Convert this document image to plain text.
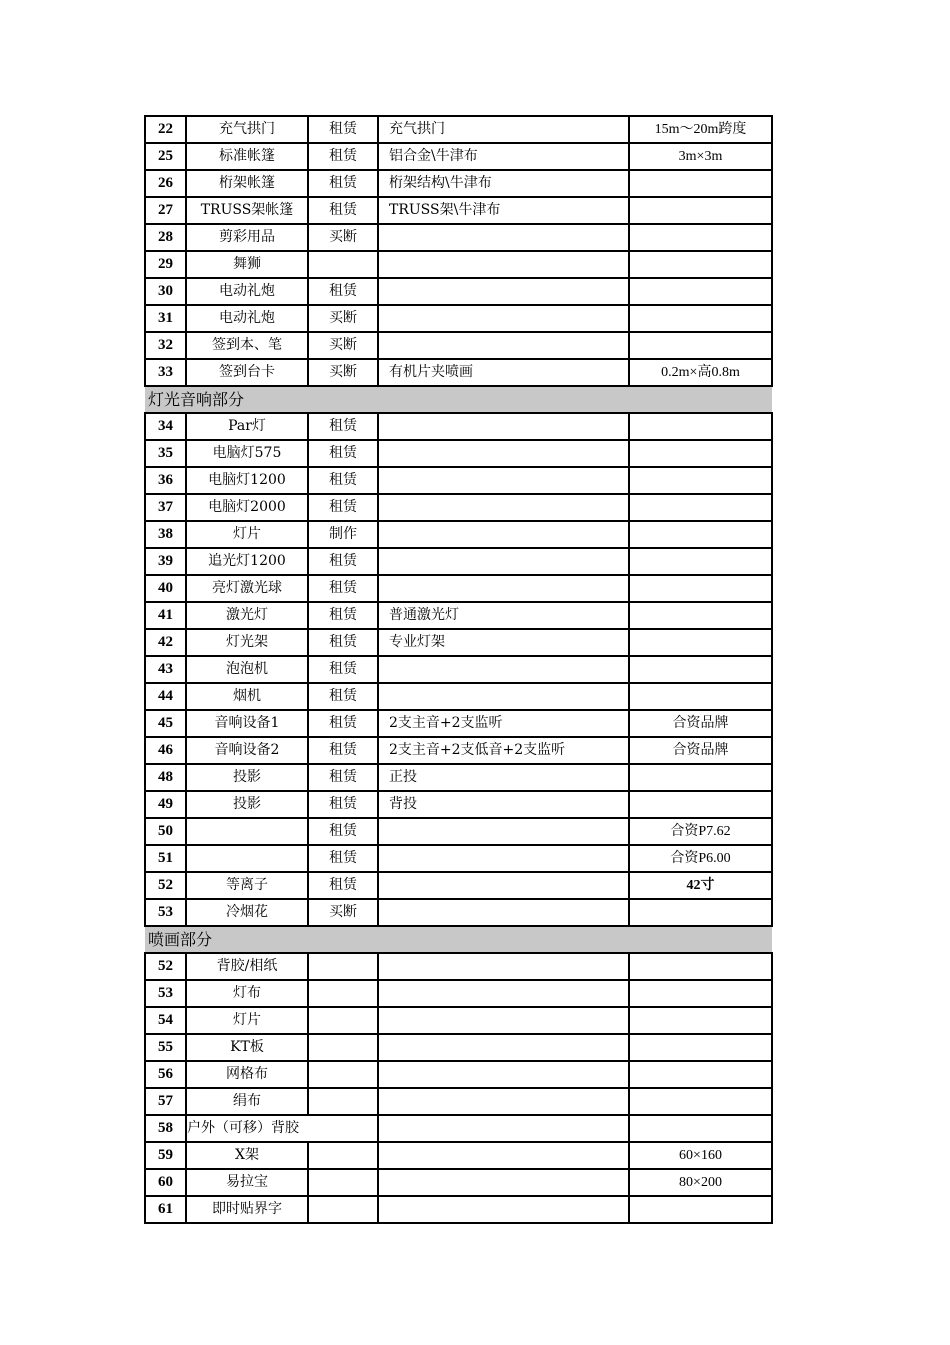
22	充气拱门	租赁	充气拱门	15m～20m跨度
25	标准帐篷	租赁	铝合金\牛津布	3m×3m
26	桁架帐篷	租赁	桁架结构\牛津布	
27	TRUSS架帐篷	租赁	TRUSS架\牛津布	
28	剪彩用品	买断		
29	舞狮			
30	电动礼炮	租赁		
31	电动礼炮	买断		
32	签到本、笔	买断		
33	签到台卡	买断	有机片夹喷画	0.2m×高0.8m
灯光音响部分				
34	Par灯	租赁		
35	电脑灯575	租赁		
36	电脑灯1200	租赁		
37	电脑灯2000	租赁		
38	灯片	制作		
39	追光灯1200	租赁		
40	亮灯激光球	租赁		
41	激光灯	租赁	普通激光灯	
42	灯光架	租赁	专业灯架	
43	泡泡机	租赁		
44	烟机	租赁		
45	音响设备1	租赁	2支主音+2支监听	合资品牌
46	音响设备2	租赁	2支主音+2支低音+2支监听	合资品牌
48	投影	租赁	正投	
49	投影	租赁	背投	
50		租赁		合资P7.62
51		租赁		合资P6.00
52	等离子	租赁		42寸
53	冷烟花	买断		
喷画部分				
52	背胶/相纸			
53	灯布			
54	灯片			
55	KT板			
56	网格布			
57	绢布			
58	户外（可移）背胶			
59	X架			60×160
60	易拉宝			80×200
61	即时贴界字			
